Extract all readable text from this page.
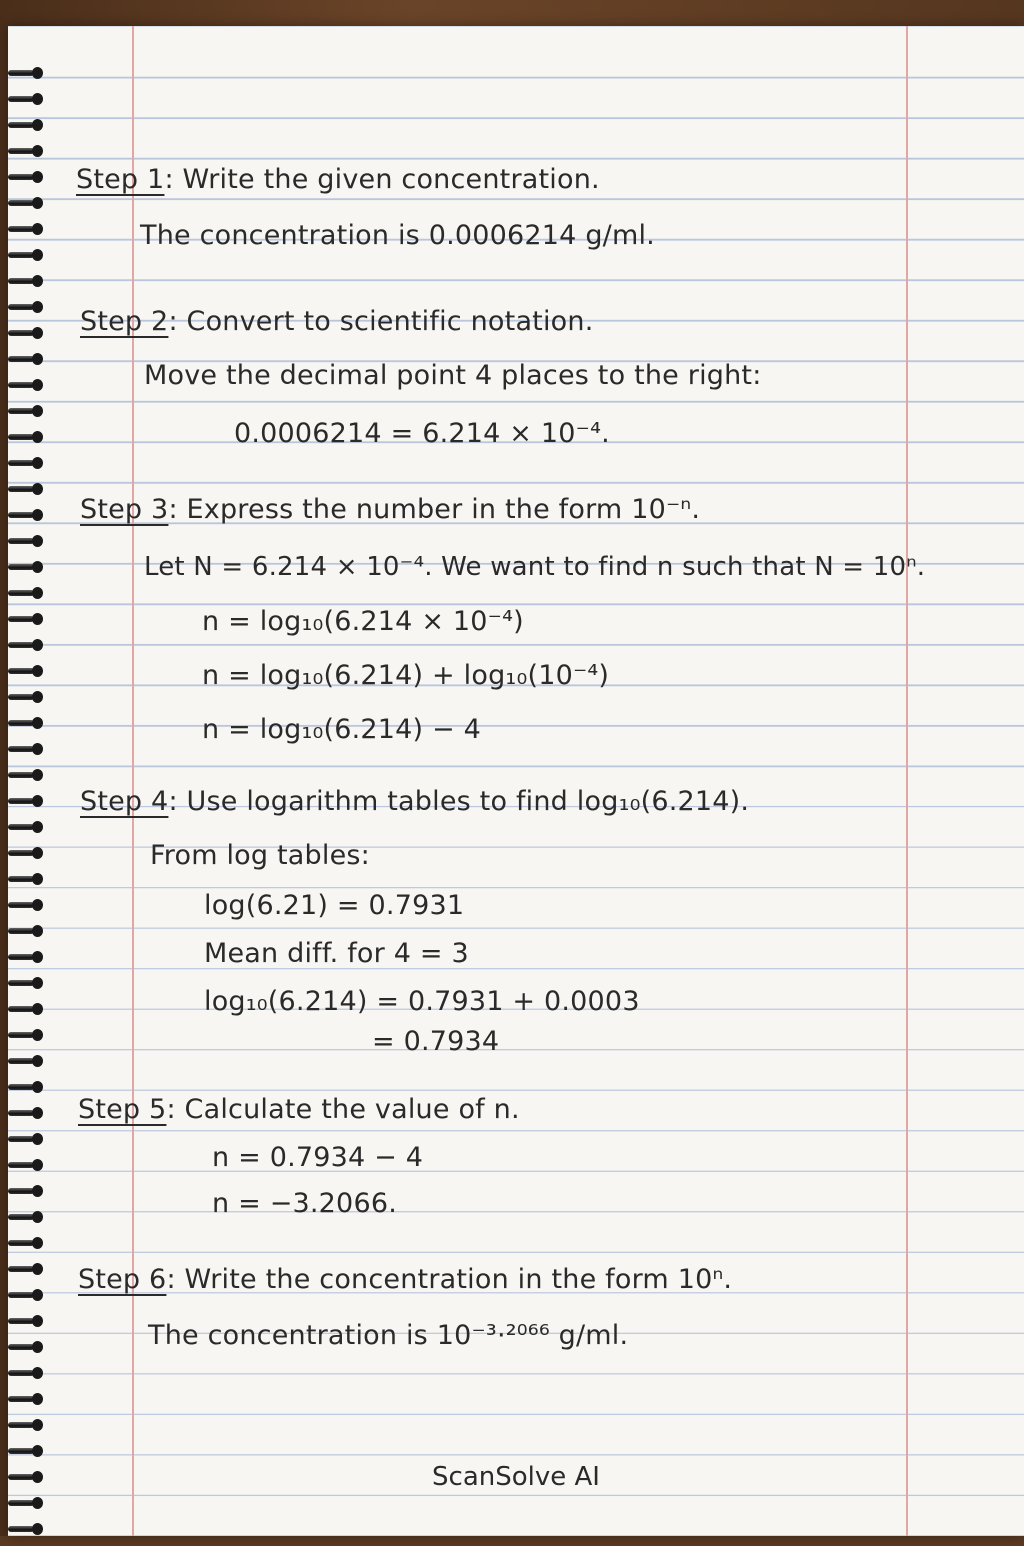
Step 1: Write the given concentration.
The concentration is 0.0006214 g/ml.
Step 2: Convert to scientific notation.
Move the decimal point 4 places to the right:
0.0006214 = 6.214 × 10⁻⁴.
Step 3: Express the number in the form 10⁻ⁿ.
Let N = 6.214 × 10⁻⁴. We want to find n such that N = 10ⁿ.
n = log₁₀(6.214 × 10⁻⁴)
n = log₁₀(6.214) + log₁₀(10⁻⁴)
n = log₁₀(6.214) − 4
Step 4: Use logarithm tables to find log₁₀(6.214).
From log tables:
log(6.21) = 0.7931
Mean diff. for 4 = 3
log₁₀(6.214) = 0.7931 + 0.0003
= 0.7934
Step 5: Calculate the value of n.
n = 0.7934 − 4
n = −3.2066.
Step 6: Write the concentration in the form 10ⁿ.
The concentration is 10⁻³·²⁰⁶⁶ g/ml.
ScanSolve AI
